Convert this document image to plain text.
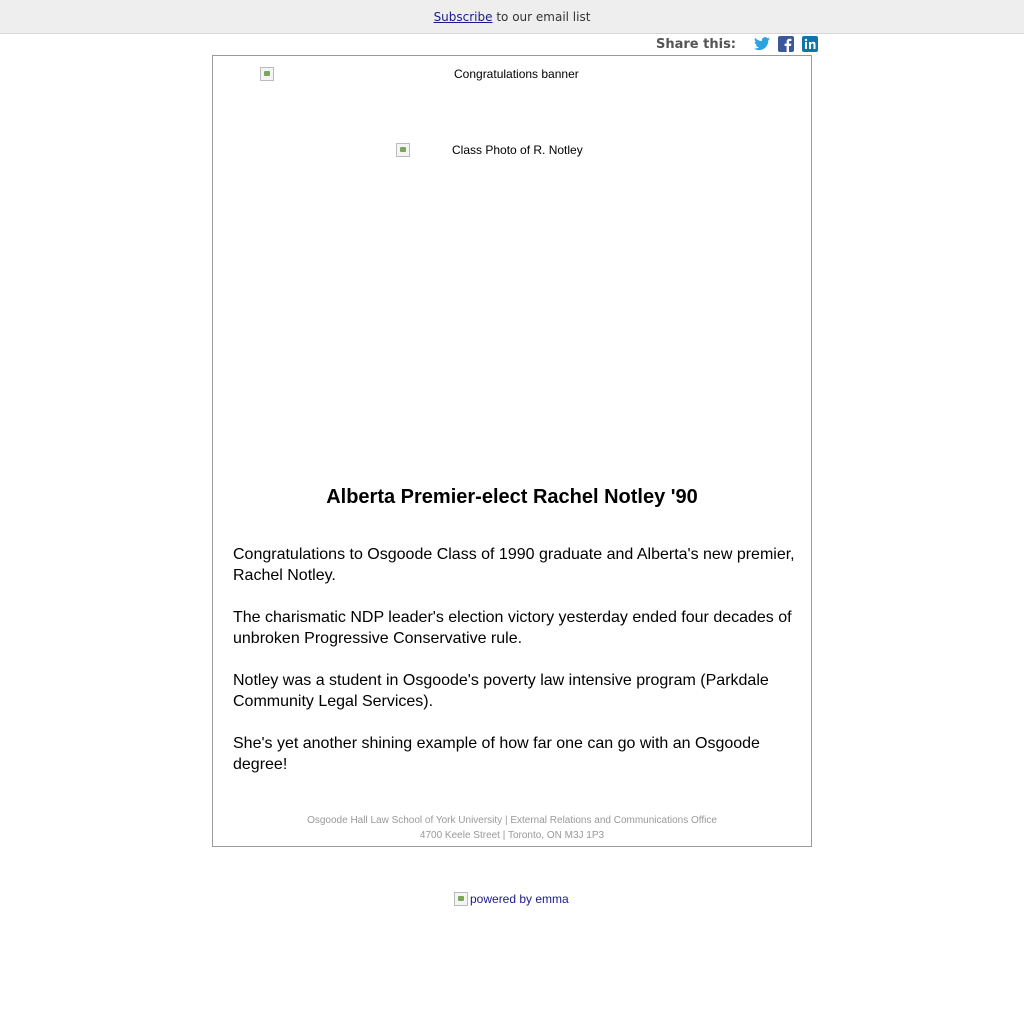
Subscribe to our email list
Share this:
Congratulations banner
Class Photo of R. Notley
Alberta Premier-elect Rachel Notley '90

Congratulations to Osgoode Class of 1990 graduate and Alberta's new premier, Rachel Notley.

The charismatic NDP leader's election victory yesterday ended four decades of unbroken Progressive Conservative rule.

Notley was a student in Osgoode's poverty law intensive program (Parkdale Community Legal Services).

She's yet another shining example of how far one can go with an Osgoode degree!

Osgoode Hall Law School of York University | External Relations and Communications Office
4700 Keele Street | Toronto, ON M3J 1P3
powered by emma
